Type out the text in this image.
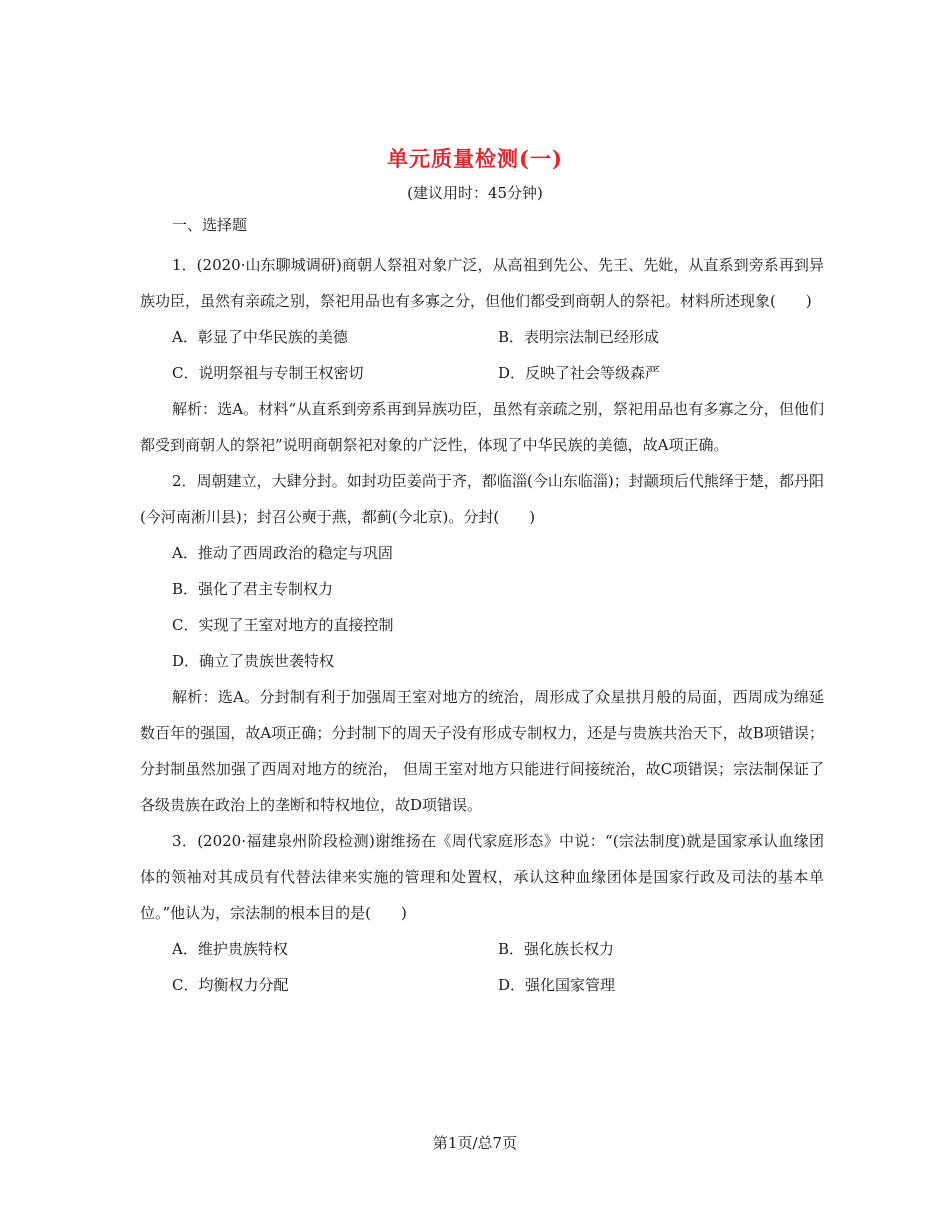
单元质量检测(一)
(建议用时：45分钟)
一、选择题

1．(2020·山东聊城调研)商朝人祭祖对象广泛，从高祖到先公、先王、先妣，从直系到旁系再到异族功臣，虽然有亲疏之别，祭祀用品也有多寡之分，但他们都受到商朝人的祭祀。材料所述现象(　　)

A．彰显了中华民族的美德	B．表明宗法制已经形成
C．说明祭祖与专制王权密切	D．反映了社会等级森严

解析：选A。材料“从直系到旁系再到异族功臣，虽然有亲疏之别，祭祀用品也有多寡之分，但他们都受到商朝人的祭祀”说明商朝祭祀对象的广泛性，体现了中华民族的美德，故A项正确。

2．周朝建立，大肆分封。如封功臣姜尚于齐，都临淄(今山东临淄)；封颛顼后代熊绎于楚，都丹阳(今河南淅川县)；封召公奭于燕，都蓟(今北京)。分封(　　)

A．推动了西周政治的稳定与巩固
B．强化了君主专制权力
C．实现了王室对地方的直接控制
D．确立了贵族世袭特权

解析：选A。分封制有利于加强周王室对地方的统治，周形成了众星拱月般的局面，西周成为绵延数百年的强国，故A项正确；分封制下的周天子没有形成专制权力，还是与贵族共治天下，故B项错误；分封制虽然加强了西周对地方的统治， 但周王室对地方只能进行间接统治，故C项错误；宗法制保证了各级贵族在政治上的垄断和特权地位，故D项错误。

3．(2020·福建泉州阶段检测)谢维扬在《周代家庭形态》中说：“(宗法制度)就是国家承认血缘团体的领袖对其成员有代替法律来实施的管理和处置权，承认这种血缘团体是国家行政及司法的基本单位。”他认为，宗法制的根本目的是(　　)

A．维护贵族特权	B．强化族长权力
C．均衡权力分配	D．强化国家管理
第1页/总7页
